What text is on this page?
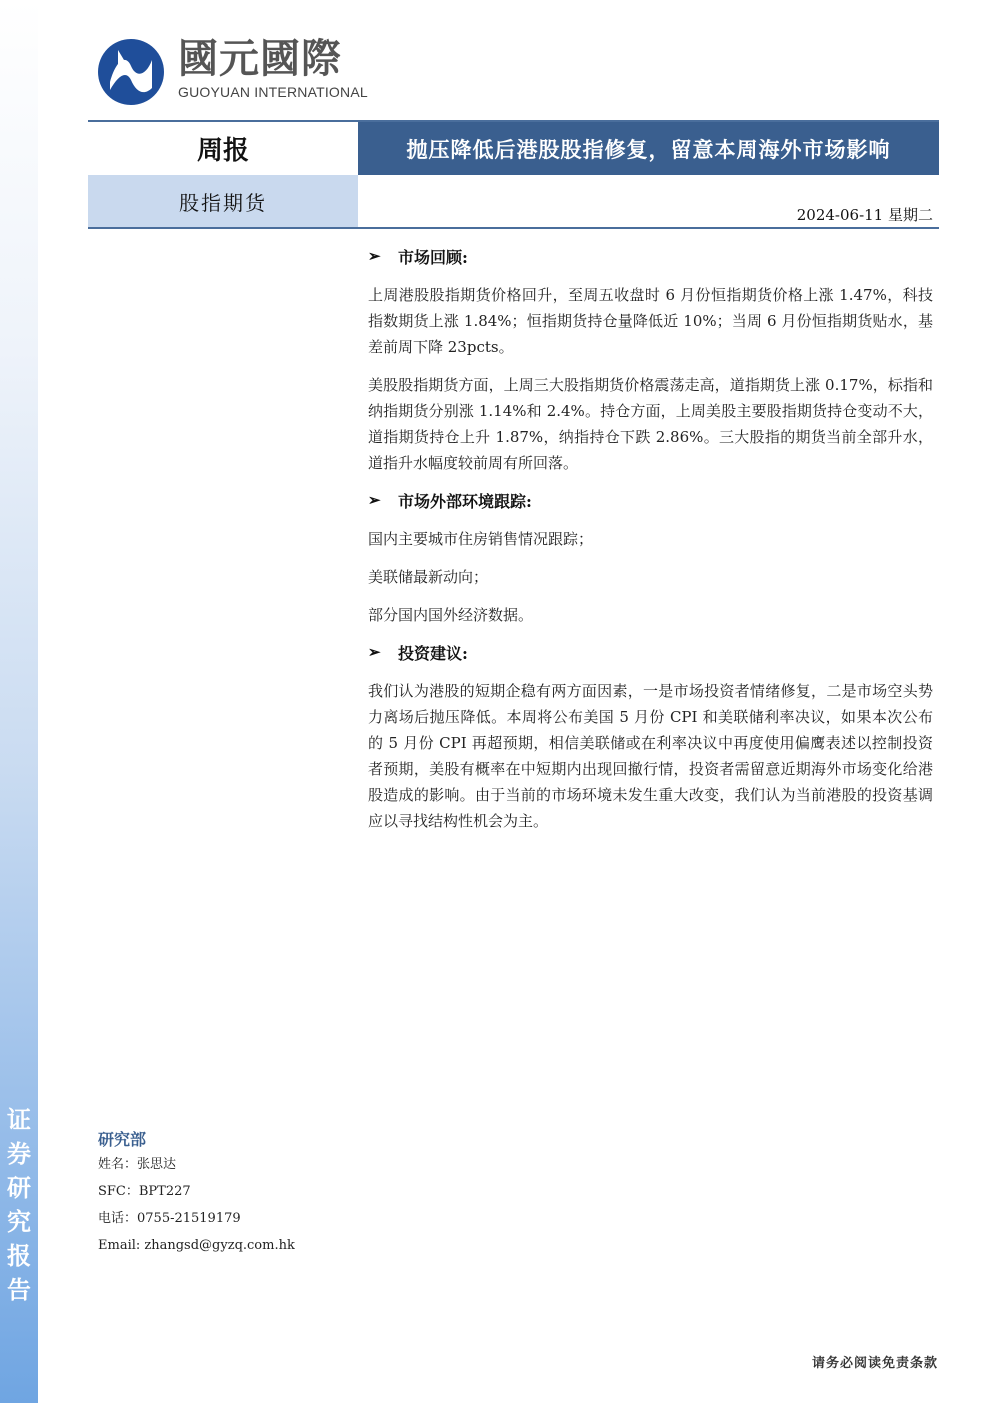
证
券
研
究
报
告
國元國際
GUOYUAN INTERNATIONAL
周报	抛压降低后港股股指修复，留意本周海外市场影响
股指期货	2024-06-11 星期二
➢	市场回顾:

上周港股股指期货价格回升，至周五收盘时 6 月份恒指期货价格上涨 1.47%，科技指数期货上涨 1.84%；恒指期货持仓量降低近 10%；当周 6 月份恒指期货贴水，基差前周下降 23pcts。

美股股指期货方面，上周三大股指期货价格震荡走高，道指期货上涨 0.17%，标指和纳指期货分别涨 1.14%和 2.4%。持仓方面，上周美股主要股指期货持仓变动不大，道指期货持仓上升 1.87%，纳指持仓下跌 2.86%。三大股指的期货当前全部升水，道指升水幅度较前周有所回落。

➢	市场外部环境跟踪:

国内主要城市住房销售情况跟踪；

美联储最新动向；

部分国内国外经济数据。

➢	投资建议:

我们认为港股的短期企稳有两方面因素，一是市场投资者情绪修复，二是市场空头势力离场后抛压降低。本周将公布美国 5 月份 CPI 和美联储利率决议，如果本次公布的 5 月份 CPI 再超预期，相信美联储或在利率决议中再度使用偏鹰表述以控制投资者预期，美股有概率在中短期内出现回撤行情，投资者需留意近期海外市场变化给港股造成的影响。由于当前的市场环境未发生重大改变，我们认为当前港股的投资基调应以寻找结构性机会为主。

研究部
姓名：张思达
SFC：BPT227
电话：0755-21519179
Email: zhangsd@gyzq.com.hk
请务必阅读免责条款
